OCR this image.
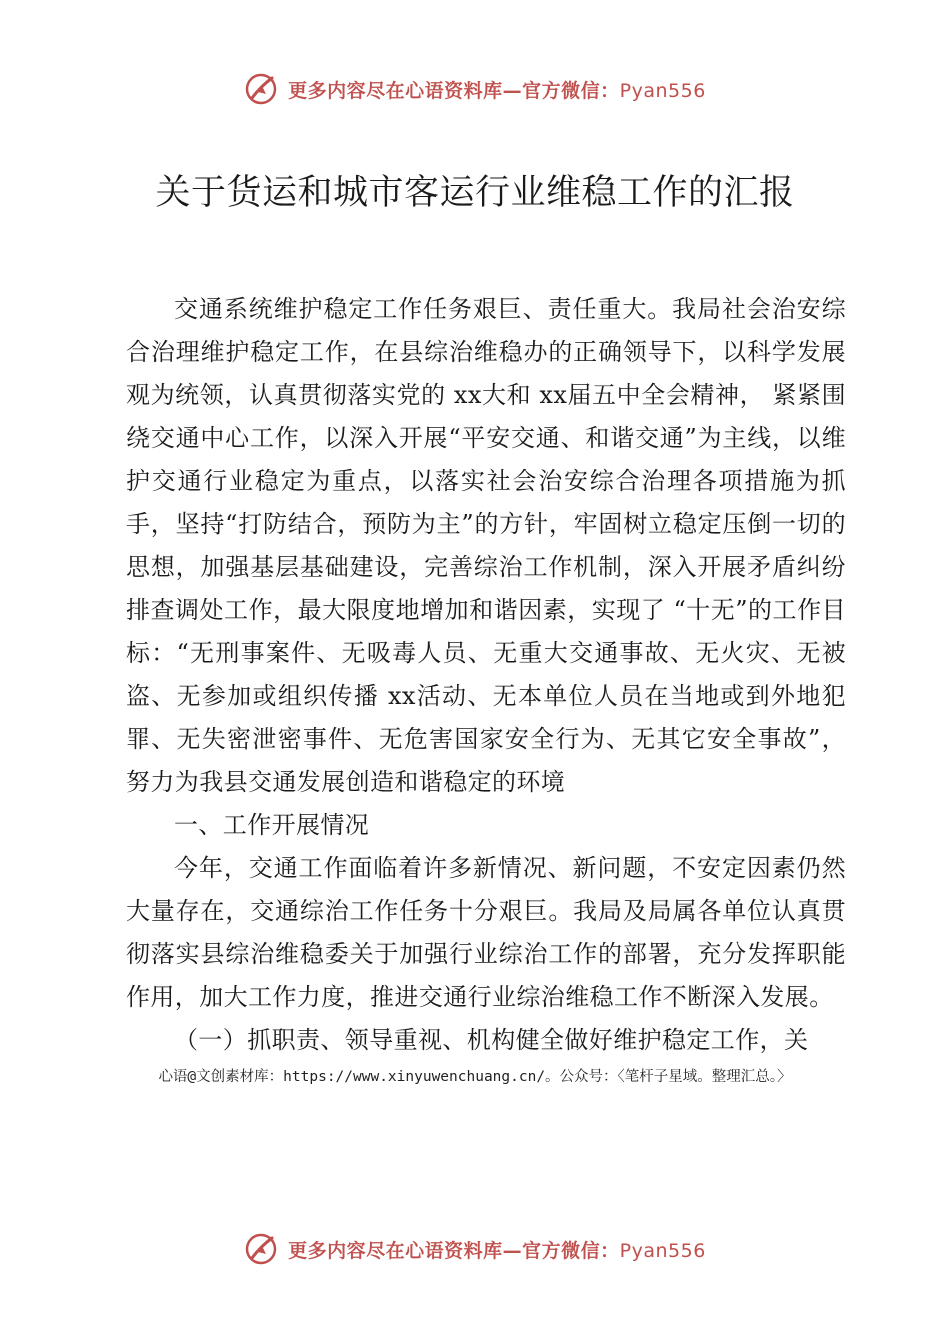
更多内容尽在心语资料库—官方微信：Pyan556
关于货运和城市客运行业维稳工作的汇报

交通系统维护稳定工作任务艰巨、责任重大。我局社会治安综合治理维护稳定工作，在县综治维稳办的正确领导下，以科学发展观为统领，认真贯彻落实党的 xx大和 xx届五中全会精神， 紧紧围绕交通中心工作，以深入开展“平安交通、和谐交通”为主线，以维护交通行业稳定为重点，以落实社会治安综合治理各项措施为抓手，坚持“打防结合，预防为主”的方针，牢固树立稳定压倒一切的思想，加强基层基础建设，完善综治工作机制，深入开展矛盾纠纷排查调处工作，最大限度地增加和谐因素，实现了 “十无”的工作目标：“无刑事案件、无吸毒人员、无重大交通事故、无火灾、无被盗、无参加或组织传播 xx活动、无本单位人员在当地或到外地犯罪、无失密泄密事件、无危害国家安全行为、无其它安全事故”，努力为我县交通发展创造和谐稳定的环境

一、工作开展情况

今年，交通工作面临着许多新情况、新问题，不安定因素仍然大量存在，交通综治工作任务十分艰巨。我局及局属各单位认真贯彻落实县综治维稳委关于加强行业综治工作的部署，充分发挥职能作用，加大工作力度，推进交通行业综治维稳工作不断深入发展。

（一）抓职责、领导重视、机构健全做好维护稳定工作，关

心语@文创素材库：https://www.xinyuwenchuang.cn/。公众号：〈笔杆子星域。整理汇总。〉
更多内容尽在心语资料库—官方微信：Pyan556
